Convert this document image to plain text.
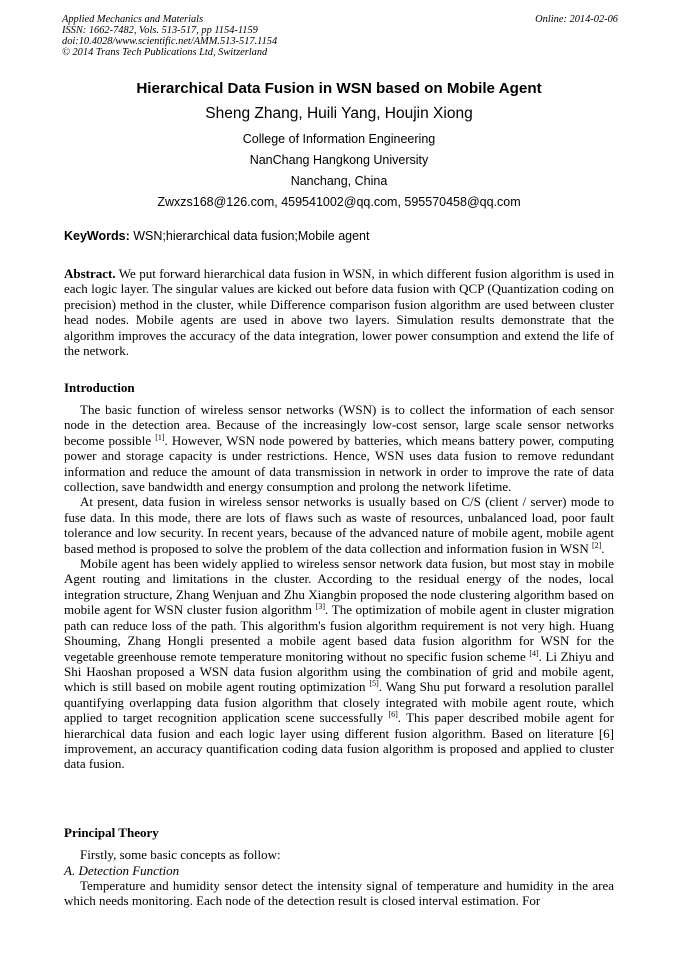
Applied Mechanics and Materials
ISSN: 1662-7482, Vols. 513-517, pp 1154-1159
doi:10.4028/www.scientific.net/AMM.513-517.1154
© 2014 Trans Tech Publications Ltd, Switzerland
Online: 2014-02-06
Hierarchical Data Fusion in WSN based on Mobile Agent
Sheng Zhang, Huili Yang, Houjin Xiong
College of Information Engineering
NanChang Hangkong University
Nanchang, China
Zwxzs168@126.com, 459541002@qq.com, 595570458@qq.com
KeyWords: WSN;hierarchical data fusion;Mobile agent

Abstract. We put forward hierarchical data fusion in WSN, in which different fusion algorithm is used in each logic layer. The singular values are kicked out before data fusion with QCP (Quantization coding on precision) method in the cluster, while Difference comparison fusion algorithm are used between cluster head nodes. Mobile agents are used in above two layers. Simulation results demonstrate that the algorithm improves the accuracy of the data integration, lower power consumption and extend the life of the network.

Introduction

The basic function of wireless sensor networks (WSN) is to collect the information of each sensor node in the detection area. Because of the increasingly low-cost sensor, large scale sensor networks become possible [1]. However, WSN node powered by batteries, which means battery power, computing power and storage capacity is under restrictions. Hence, WSN uses data fusion to remove redundant information and reduce the amount of data transmission in network in order to improve the rate of data collection, save bandwidth and energy consumption and prolong the network lifetime.

At present, data fusion in wireless sensor networks is usually based on C/S (client / server) mode to fuse data. In this mode, there are lots of flaws such as waste of resources, unbalanced load, poor fault tolerance and low security. In recent years, because of the advanced nature of mobile agent, mobile agent based method is proposed to solve the problem of the data collection and information fusion in WSN [2].

Mobile agent has been widely applied to wireless sensor network data fusion, but most stay in mobile Agent routing and limitations in the cluster. According to the residual energy of the nodes, local integration structure, Zhang Wenjuan and Zhu Xiangbin proposed the node clustering algorithm based on mobile agent for WSN cluster fusion algorithm [3]. The optimization of mobile agent in cluster migration path can reduce loss of the path. This algorithm's fusion algorithm requirement is not very high. Huang Shouming, Zhang Hongli presented a mobile agent based data fusion algorithm for WSN for the vegetable greenhouse remote temperature monitoring without no specific fusion scheme [4]. Li Zhiyu and Shi Haoshan proposed a WSN data fusion algorithm using the combination of grid and mobile agent, which is still based on mobile agent routing optimization [5]. Wang Shu put forward a resolution parallel quantifying overlapping data fusion algorithm that closely integrated with mobile agent route, which applied to target recognition application scene successfully [6]. This paper described mobile agent for hierarchical data fusion and each logic layer using different fusion algorithm. Based on literature [6] improvement, an accuracy quantification coding data fusion algorithm is proposed and applied to cluster data fusion.

Principal Theory

Firstly, some basic concepts as follow:

A. Detection Function

Temperature and humidity sensor detect the intensity signal of temperature and humidity in the area which needs monitoring. Each node of the detection result is closed interval estimation. For
